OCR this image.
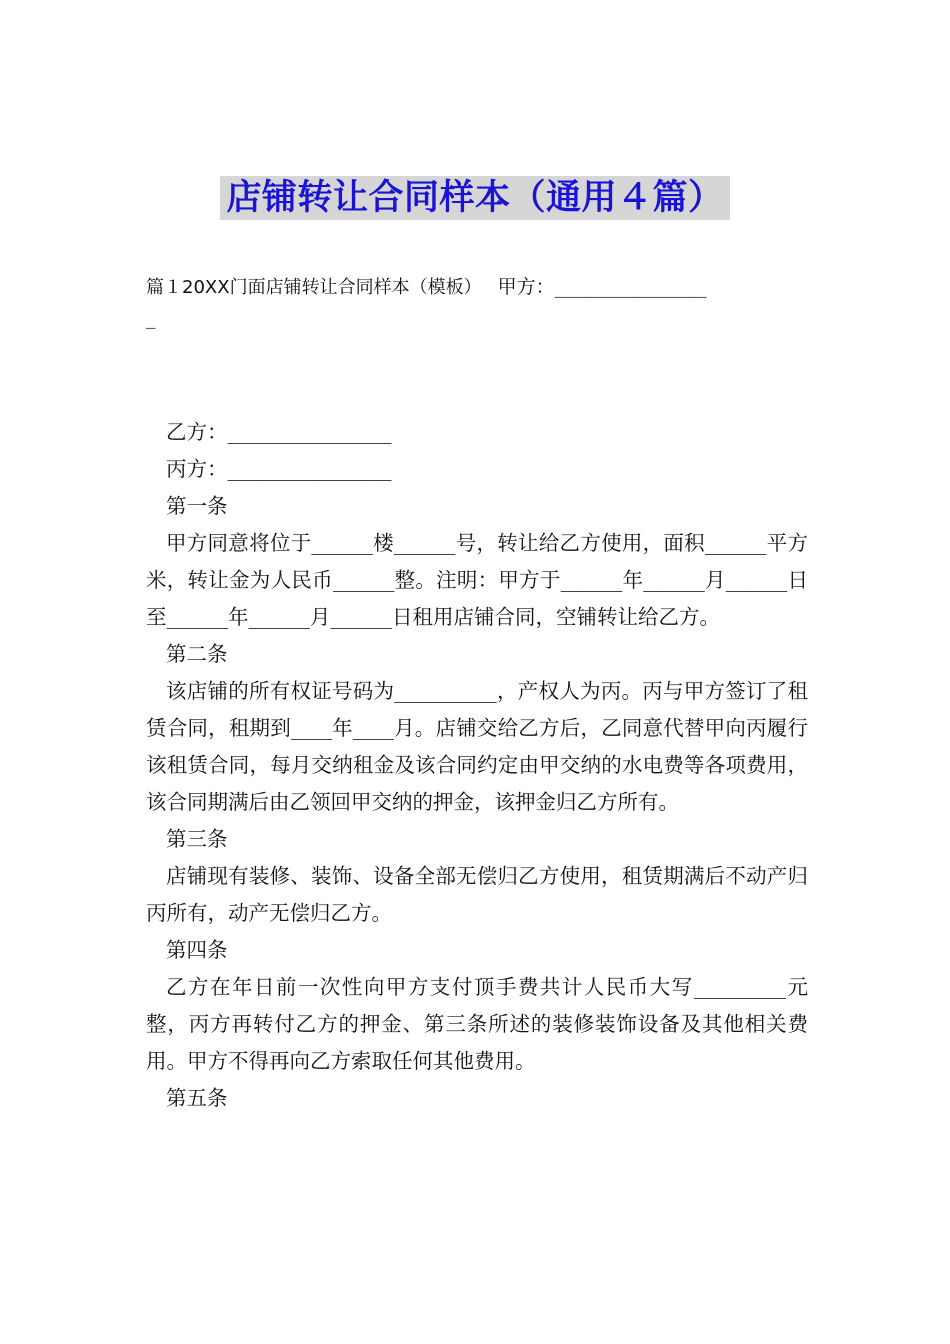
店铺转让合同样本（通用４篇）
篇１20XX门面店铺转让合同样本（模板）　 甲方：________________
_

乙方：________________

丙方：________________

第一条

甲方同意将位于______楼______号，转让给乙方使用，面积______平方米，转让金为人民币______整。注明：甲方于______年______月______日至______年______月______日租用店铺合同，空铺转让给乙方。

第二条

该店铺的所有权证号码为__________，产权人为丙。丙与甲方签订了租赁合同，租期到____年____月。店铺交给乙方后，乙同意代替甲向丙履行该租赁合同，每月交纳租金及该合同约定由甲交纳的水电费等各项费用，该合同期满后由乙领回甲交纳的押金，该押金归乙方所有。

第三条

店铺现有装修、装饰、设备全部无偿归乙方使用，租赁期满后不动产归丙所有，动产无偿归乙方。

第四条

乙方在年日前一次性向甲方支付顶手费共计人民币大写_________元整，丙方再转付乙方的押金、第三条所述的装修装饰设备及其他相关费用。甲方不得再向乙方索取任何其他费用。

第五条
